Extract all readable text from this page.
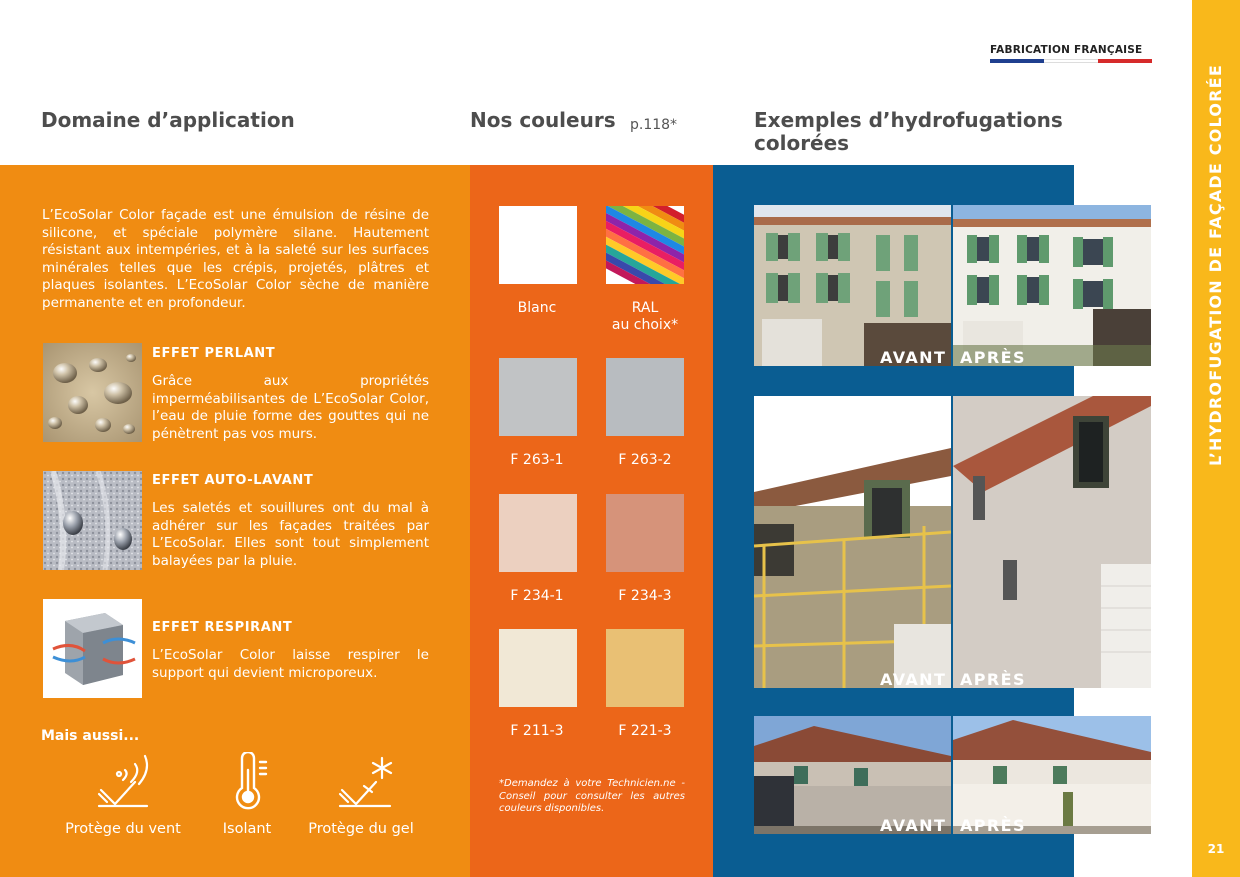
FABRICATION FRANÇAISE
Domaine d’application	Nos couleurs p.118*	Exemples d’hydrofugations colorées	L’HYDROFUGATION DE FAÇADE COLORÉE
21
L’EcoSolar Color façade est une émulsion de résine de silicone, et spéciale polymère silane. Hautement résistant aux intempéries, et à la saleté sur les surfaces minérales telles que les crépis, projetés, plâtres et plaques isolantes. L’EcoSolar Color sèche de manière permanente et en profondeur.
EFFET PERLANT
Grâce aux propriétés imperméabilisantes de L’EcoSolar Color, l’eau de pluie forme des gouttes qui ne pénètrent pas vos murs.
EFFET AUTO-LAVANT
Les saletés et souillures ont du mal à adhérer sur les façades traitées par L’EcoSolar. Elles sont tout simplement balayées par la pluie.
EFFET RESPIRANT
L’EcoSolar Color laisse respirer le support qui devient microporeux.
Mais aussi...
Protège du vent	Isolant	Protège du gel
Blanc	RAL
au choix*
F 263-1	F 263-2
F 234-1	F 234-3
F 211-3	F 221-3
*Demandez à votre Technicien.ne -Conseil pour consulter les autres couleurs disponibles.
AVANT APRÈS
AVANT APRÈS
AVANT APRÈS
